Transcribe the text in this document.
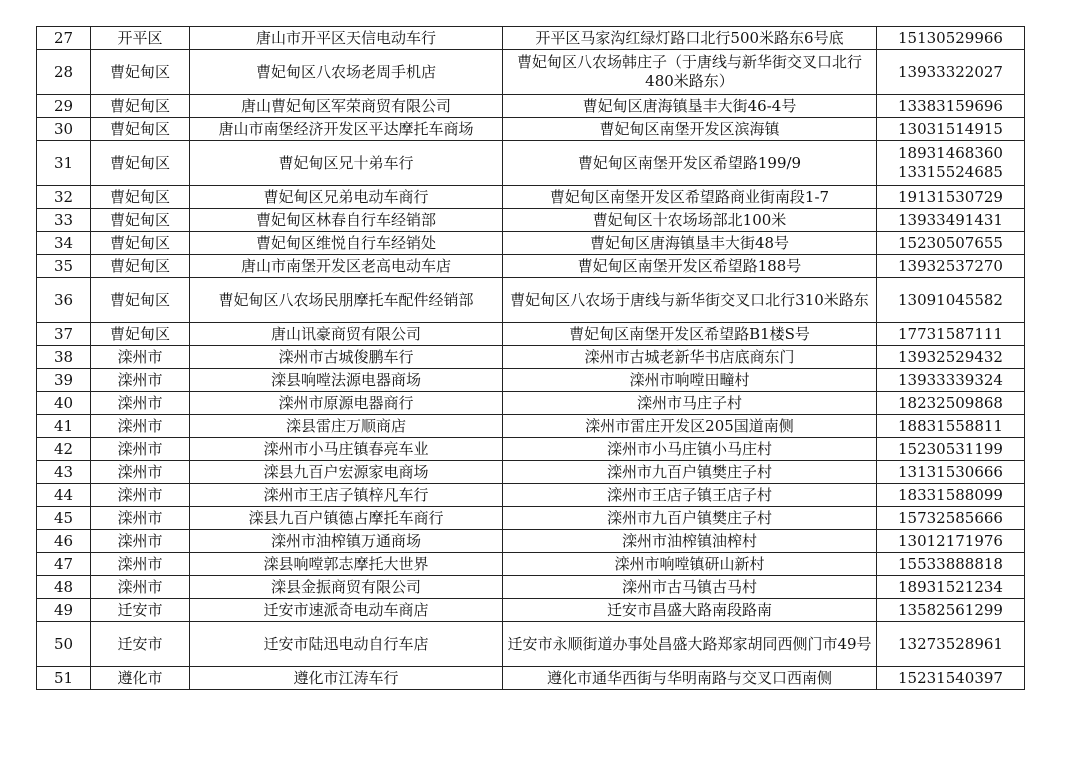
27	开平区	唐山市开平区天信电动车行	开平区马家沟红绿灯路口北行500米路东6号底	15130529966

28	曹妃甸区	曹妃甸区八农场老周手机店	曹妃甸区八农场韩庄子（于唐线与新华街交叉口北行480米路东）	13933322027

29	曹妃甸区	唐山曹妃甸区军荣商贸有限公司	曹妃甸区唐海镇垦丰大街46-4号	13383159696

30	曹妃甸区	唐山市南堡经济开发区平达摩托车商场	曹妃甸区南堡开发区滨海镇	13031514915

31	曹妃甸区	曹妃甸区兄十弟车行	曹妃甸区南堡开发区希望路199/9	18931468360
13315524685

32	曹妃甸区	曹妃甸区兄弟电动车商行	曹妃甸区南堡开发区希望路商业街南段1-7	19131530729

33	曹妃甸区	曹妃甸区林春自行车经销部	曹妃甸区十农场场部北100米	13933491431

34	曹妃甸区	曹妃甸区维悦自行车经销处	曹妃甸区唐海镇垦丰大街48号	15230507655

35	曹妃甸区	唐山市南堡开发区老高电动车店	曹妃甸区南堡开发区希望路188号	13932537270

36	曹妃甸区	曹妃甸区八农场民朋摩托车配件经销部	曹妃甸区八农场于唐线与新华街交叉口北行310米路东	13091045582

37	曹妃甸区	唐山讯豪商贸有限公司	曹妃甸区南堡开发区希望路B1楼S号	17731587111

38	滦州市	滦州市古城俊鹏车行	滦州市古城老新华书店底商东门	13932529432

39	滦州市	滦县响嘡法源电器商场	滦州市响嘡田疃村	13933339324

40	滦州市	滦州市原源电器商行	滦州市马庄子村	18232509868

41	滦州市	滦县雷庄万顺商店	滦州市雷庄开发区205国道南侧	18831558811

42	滦州市	滦州市小马庄镇春亮车业	滦州市小马庄镇小马庄村	15230531199

43	滦州市	滦县九百户宏源家电商场	滦州市九百户镇樊庄子村	13131530666

44	滦州市	滦州市王店子镇梓凡车行	滦州市王店子镇王店子村	18331588099

45	滦州市	滦县九百户镇德占摩托车商行	滦州市九百户镇樊庄子村	15732585666

46	滦州市	滦州市油榨镇万通商场	滦州市油榨镇油榨村	13012171976

47	滦州市	滦县响嘡郭志摩托大世界	滦州市响嘡镇研山新村	15533888818

48	滦州市	滦县金振商贸有限公司	滦州市古马镇古马村	18931521234

49	迁安市	迁安市速派奇电动车商店	迁安市昌盛大路南段路南	13582561299

50	迁安市	迁安市陆迅电动自行车店	迁安市永顺街道办事处昌盛大路郑家胡同西侧门市49号	13273528961

51	遵化市	遵化市江涛车行	遵化市通华西街与华明南路与交叉口西南侧	15231540397
